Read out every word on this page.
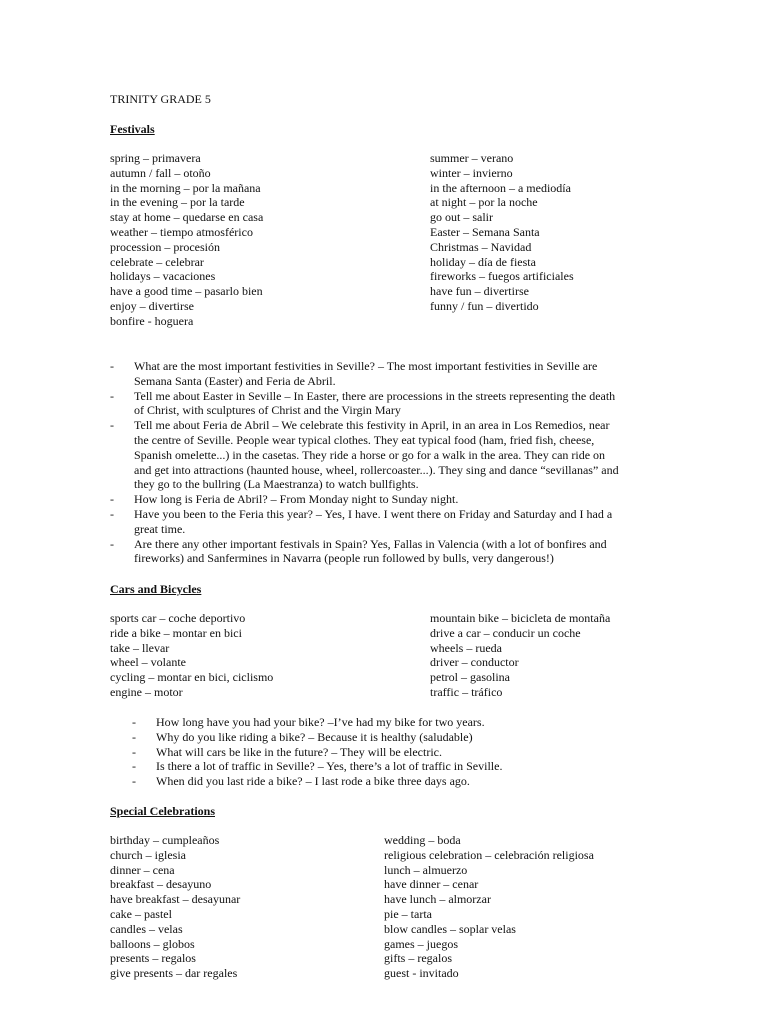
TRINITY GRADE 5
Festivals
spring – primavera
autumn / fall – otoño
in the morning – por la mañana
in the evening – por la tarde
stay at home – quedarse en casa
weather – tiempo atmosférico
procession – procesión
celebrate – celebrar
holidays – vacaciones
have a good time – pasarlo bien
enjoy – divertirse
bonfire - hoguera
summer – verano
winter – invierno
in the afternoon – a mediodía
at night – por la noche
go out – salir
Easter – Semana Santa
Christmas – Navidad
holiday – día de fiesta
fireworks – fuegos artificiales
have fun – divertirse
funny / fun – divertido
- What are the most important festivities in Seville? – The most important festivities in Seville are
Semana Santa (Easter) and Feria de Abril.
- Tell me about Easter in Seville – In Easter, there are processions in the streets representing the death
of Christ, with sculptures of Christ and the Virgin Mary
- Tell me about Feria de Abril – We celebrate this festivity in April, in an area in Los Remedios, near
the centre of Seville. People wear typical clothes. They eat typical food (ham, fried fish, cheese,
Spanish omelette...) in the casetas. They ride a horse or go for a walk in the area. They can ride on
and get into attractions (haunted house, wheel, rollercoaster...). They sing and dance “sevillanas” and
they go to the bullring (La Maestranza) to watch bullfights.
- How long is Feria de Abril? – From Monday night to Sunday night.
- Have you been to the Feria this year? – Yes, I have. I went there on Friday and Saturday and I had a
great time.
- Are there any other important festivals in Spain? Yes, Fallas in Valencia (with a lot of bonfires and
fireworks) and Sanfermines in Navarra (people run followed by bulls, very dangerous!)
Cars and Bicycles
sports car – coche deportivo
ride a bike – montar en bici
take – llevar
wheel – volante
cycling – montar en bici, ciclismo
engine – motor
mountain bike – bicicleta de montaña
drive a car – conducir un coche
wheels – rueda
driver – conductor
petrol – gasolina
traffic – tráfico
- How long have you had your bike? –I’ve had my bike for two years.
- Why do you like riding a bike? – Because it is healthy (saludable)
- What will cars be like in the future? – They will be electric.
- Is there a lot of traffic in Seville? – Yes, there’s a lot of traffic in Seville.
- When did you last ride a bike? – I last rode a bike three days ago.
Special Celebrations
birthday – cumpleaños
church – iglesia
dinner – cena
breakfast – desayuno
have breakfast – desayunar
cake – pastel
candles – velas
balloons – globos
presents – regalos
give presents – dar regales
wedding – boda
religious celebration – celebración religiosa
lunch – almuerzo
have dinner – cenar
have lunch – almorzar
pie – tarta
blow candles – soplar velas
games – juegos
gifts – regalos
guest - invitado
